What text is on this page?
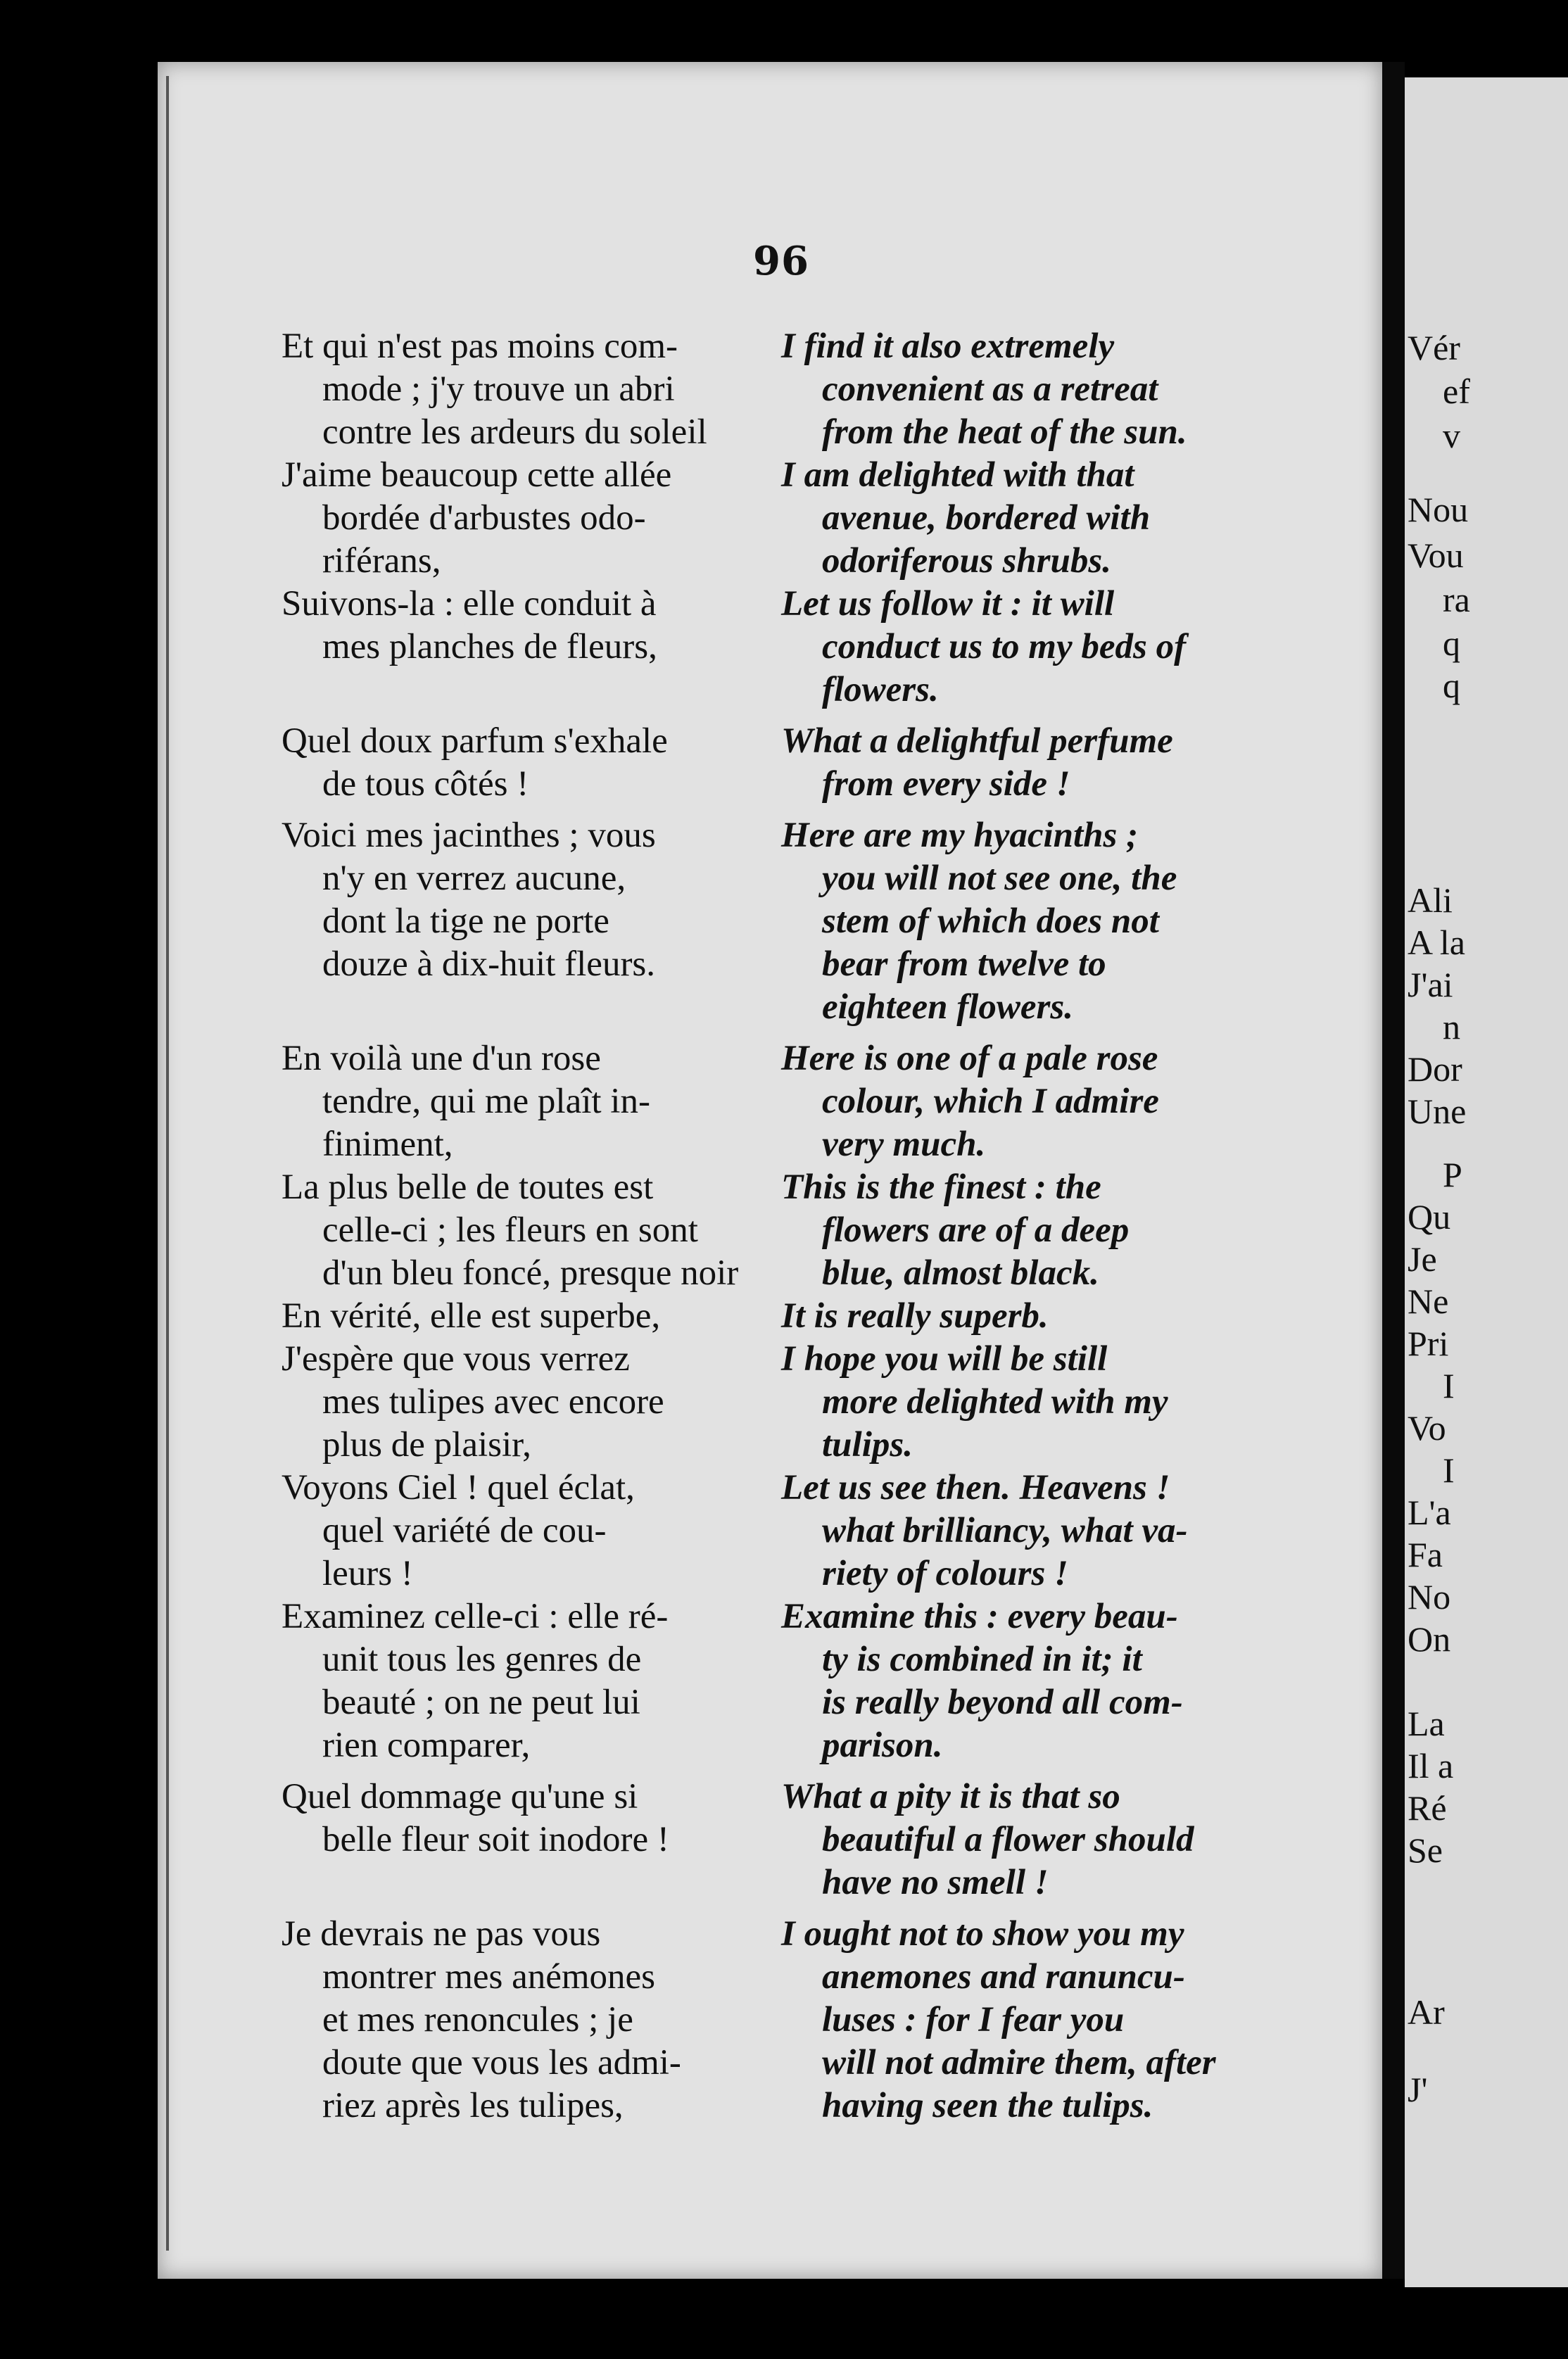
96
Et qui n'est pas moins com-
mode ; j'y trouve un abri
contre les ardeurs du soleil
I find it also extremely
convenient as a retreat
from the heat of the sun.
J'aime beaucoup cette allée
bordée d'arbustes odo-
riférans,
I am delighted with that
avenue, bordered with
odoriferous shrubs.
Suivons-la : elle conduit à
mes planches de fleurs,
Let us follow it : it will
conduct us to my beds of
flowers.
Quel doux parfum s'exhale
de tous côtés !
What a delightful perfume
from every side !
Voici mes jacinthes ; vous
n'y en verrez aucune,
dont la tige ne porte
douze à dix-huit fleurs.
Here are my hyacinths ;
you will not see one, the
stem of which does not
bear from twelve to
eighteen flowers.
En voilà une d'un rose
tendre, qui me plaît in-
finiment,
Here is one of a pale rose
colour, which I admire
very much.
La plus belle de toutes est
celle-ci ; les fleurs en sont
d'un bleu foncé, presque noir
This is the finest : the
flowers are of a deep
blue, almost black.
En vérité, elle est superbe,	It is really superb.
J'espère que vous verrez
mes tulipes avec encore
plus de plaisir,
I hope you will be still
more delighted with my
tulips.
Voyons Ciel ! quel éclat,
quel variété de cou-
leurs !
Let us see then. Heavens !
what brilliancy, what va-
riety of colours !
Examinez celle-ci : elle ré-
unit tous les genres de
beauté ; on ne peut lui
rien comparer,
Examine this : every beau-
ty is combined in it; it
is really beyond all com-
parison.
Quel dommage qu'une si
belle fleur soit inodore !
What a pity it is that so
beautiful a flower should
have no smell !
Je devrais ne pas vous
montrer mes anémones
et mes renoncules ; je
doute que vous les admi-
riez après les tulipes,
I ought not to show you my
anemones and ranuncu-
luses : for I fear you
will not admire them, after
having seen the tulips.
Vér
ef
v
Nou
Vou
ra
q
q
Ali
A la
J'ai
n
Dor
Une
P
Qu
Je
Ne
Pri
I
Vo
I
L'a
Fa
No
On
La
Il a
Ré
Se
Ar
J'
